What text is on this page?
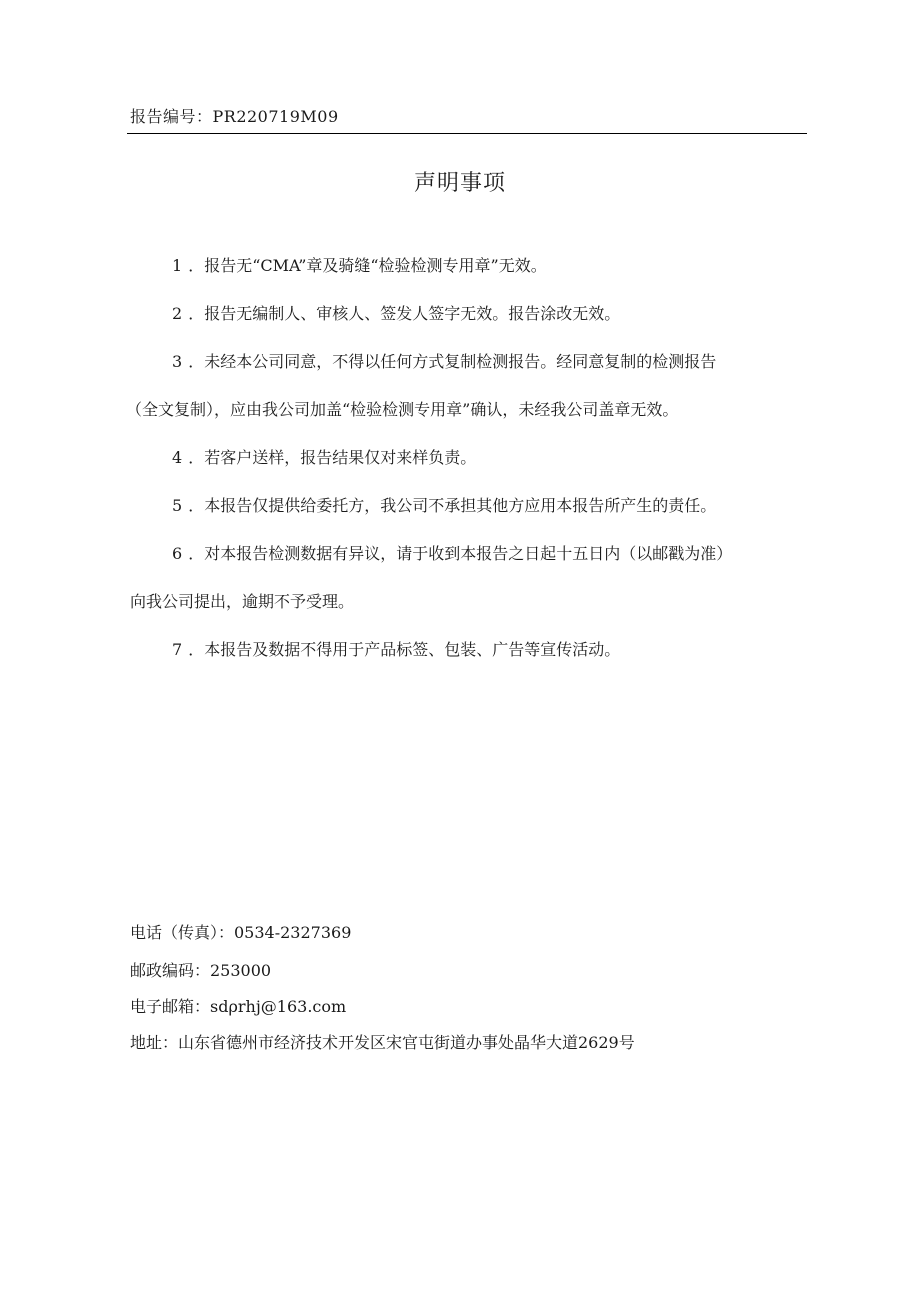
报告编号：PR220719M09
声明事项
1 ．报告无“CMA”章及骑缝“检验检测专用章”无效。
2 ．报告无编制人、审核人、签发人签字无效。报告涂改无效。
3 ．未经本公司同意，不得以任何方式复制检测报告。经同意复制的检测报告
（全文复制），应由我公司加盖“检验检测专用章”确认，未经我公司盖章无效。
4 ．若客户送样，报告结果仅对来样负责。
5 ．本报告仅提供给委托方，我公司不承担其他方应用本报告所产生的责任。
6 ．对本报告检测数据有异议，请于收到本报告之日起十五日内（以邮戳为准）
向我公司提出，逾期不予受理。
7 ．本报告及数据不得用于产品标签、包装、广告等宣传活动。
电话（传真）：0534-2327369
邮政编码：253000
电子邮箱：sdρrhj@163.com
地址：山东省德州市经济技术开发区宋官屯街道办事处晶华大道2629号
